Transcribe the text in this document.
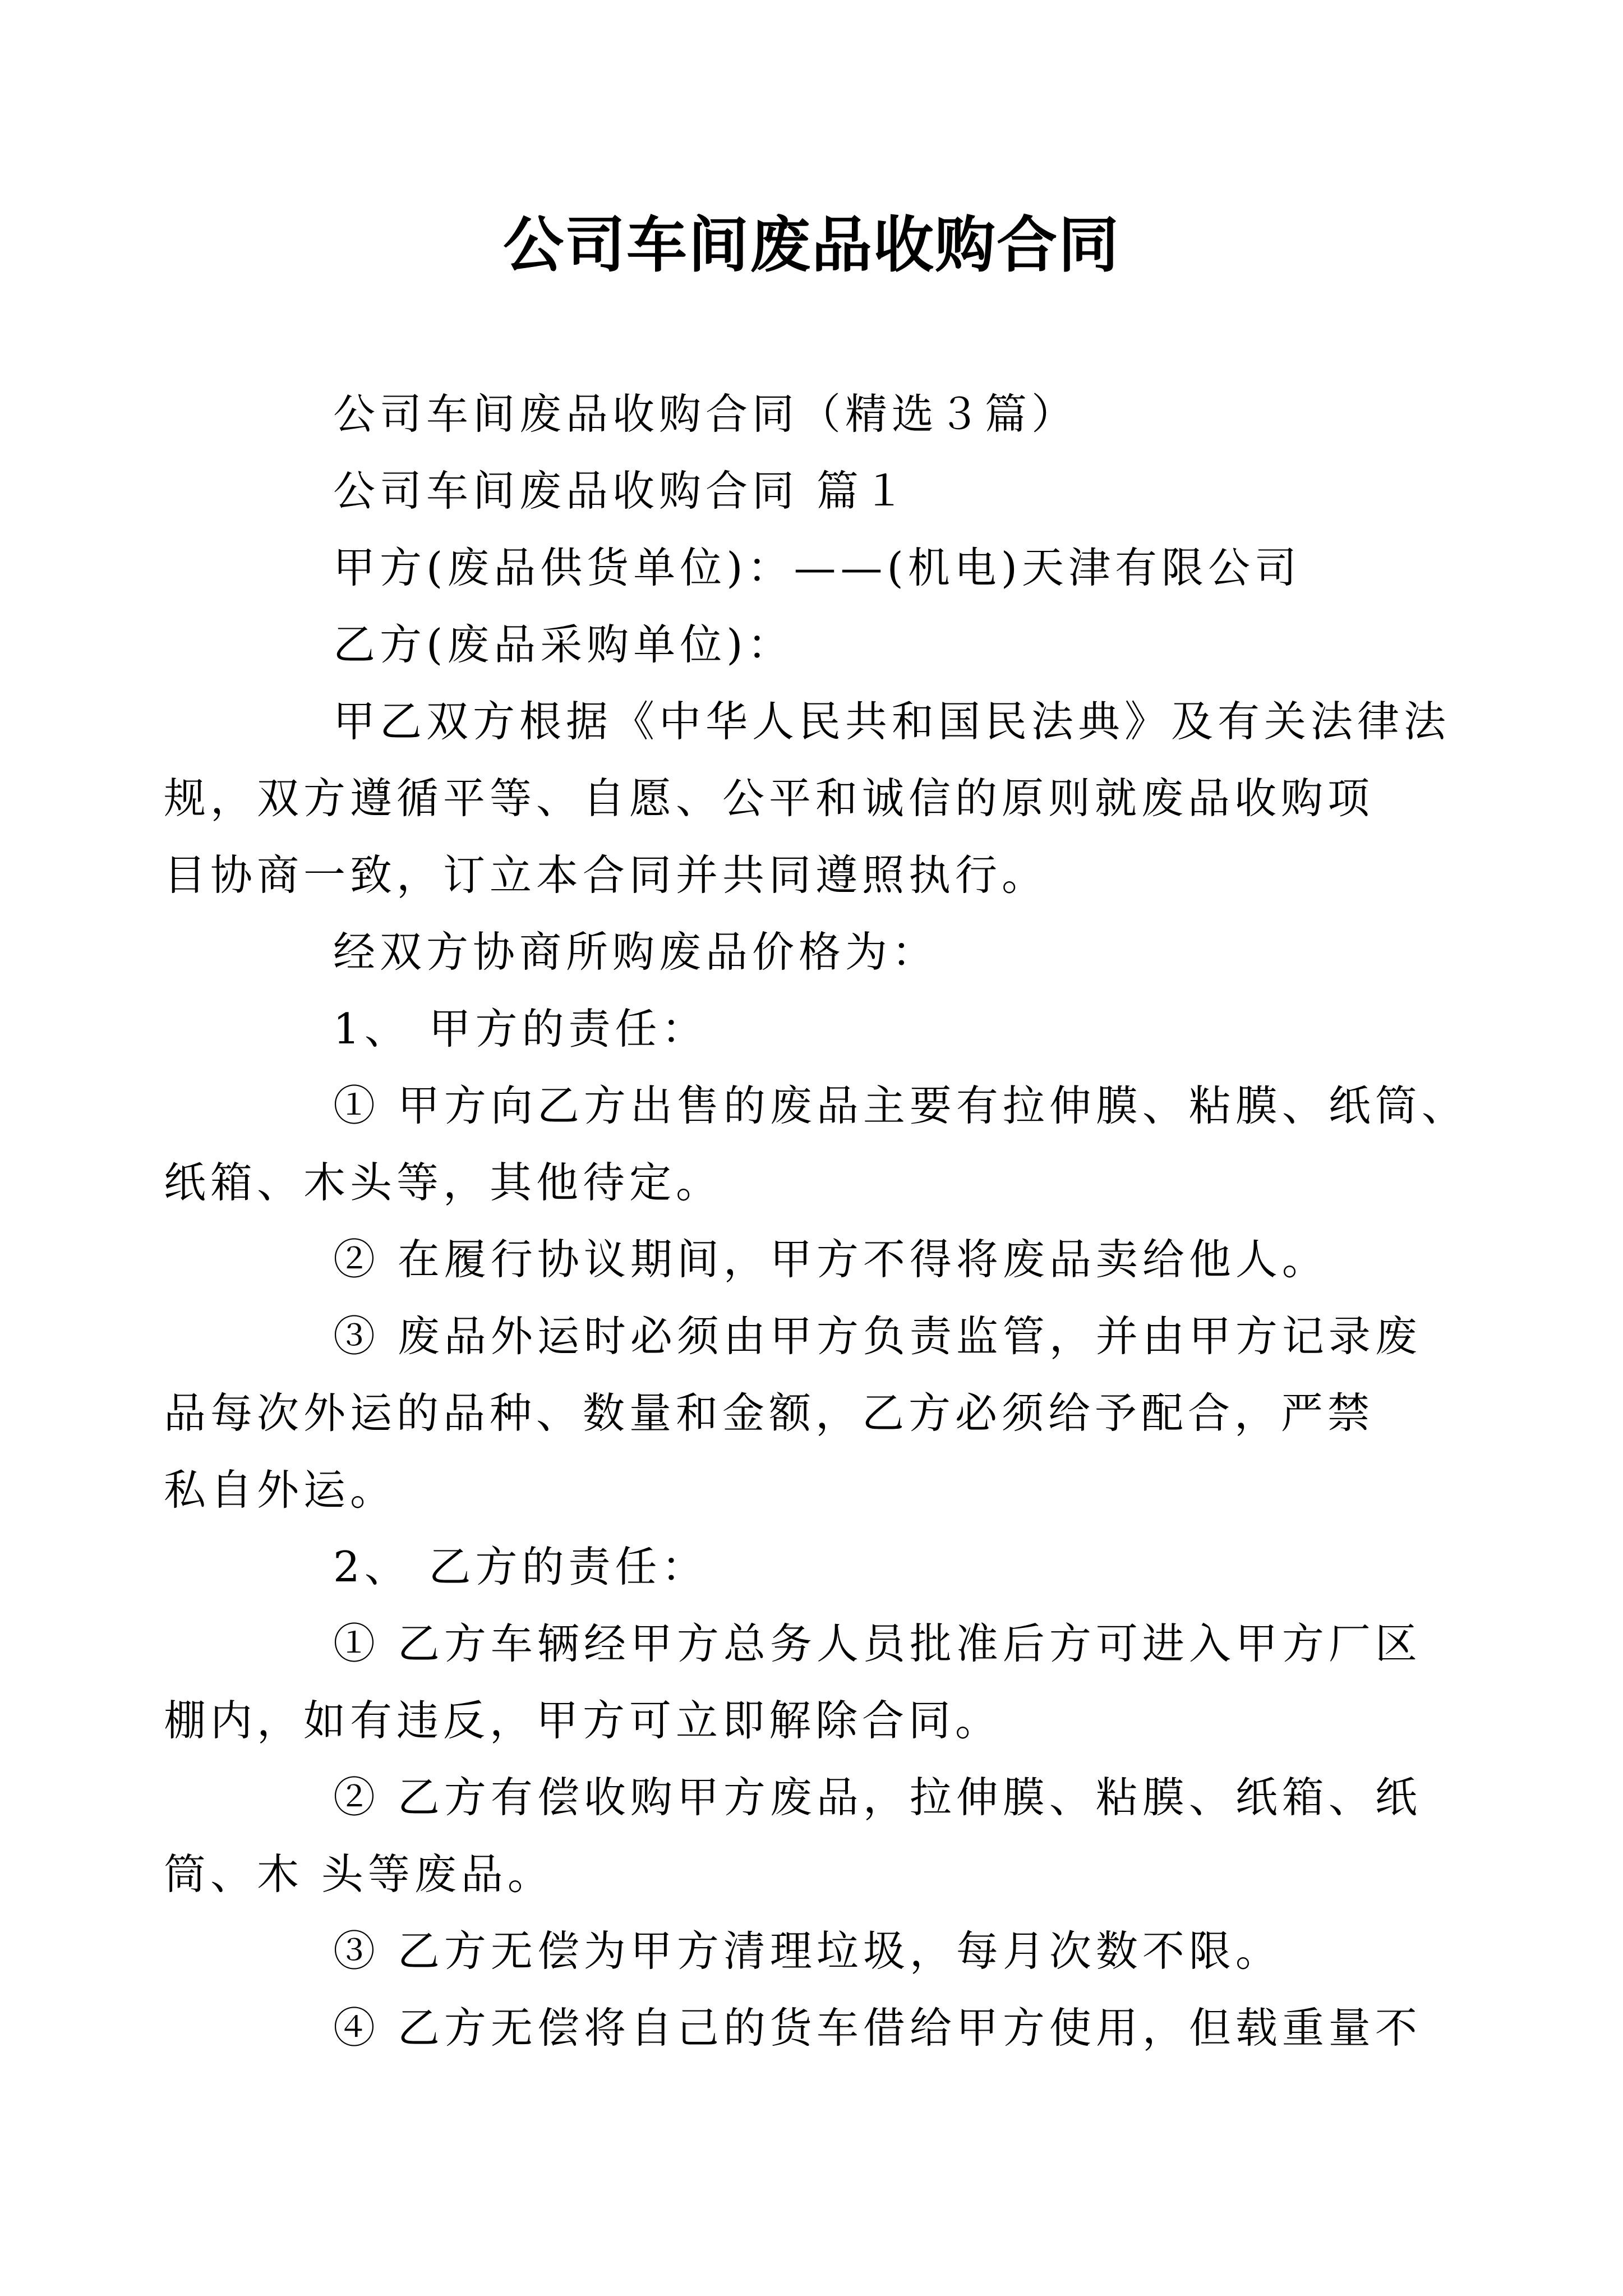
公司车间废品收购合同

公司车间废品收购合同（精选３篇）

公司车间废品收购合同 篇１

甲方(废品供货单位)：——(机电)天津有限公司

乙方(废品采购单位)：

甲乙双方根据《中华人民共和国民法典》及有关法律法
规，双方遵循平等、自愿、公平和诚信的原则就废品收购项
目协商一致，订立本合同并共同遵照执行。

经双方协商所购废品价格为：

1、 甲方的责任：

① 甲方向乙方出售的废品主要有拉伸膜、粘膜、纸筒、
纸箱、木头等，其他待定。

② 在履行协议期间，甲方不得将废品卖给他人。

③ 废品外运时必须由甲方负责监管，并由甲方记录废
品每次外运的品种、数量和金额，乙方必须给予配合，严禁
私自外运。

2、 乙方的责任：

① 乙方车辆经甲方总务人员批准后方可进入甲方厂区
棚内，如有违反，甲方可立即解除合同。

② 乙方有偿收购甲方废品，拉伸膜、粘膜、纸箱、纸
筒、木 头等废品。

③ 乙方无偿为甲方清理垃圾，每月次数不限。

④ 乙方无偿将自己的货车借给甲方使用，但载重量不
